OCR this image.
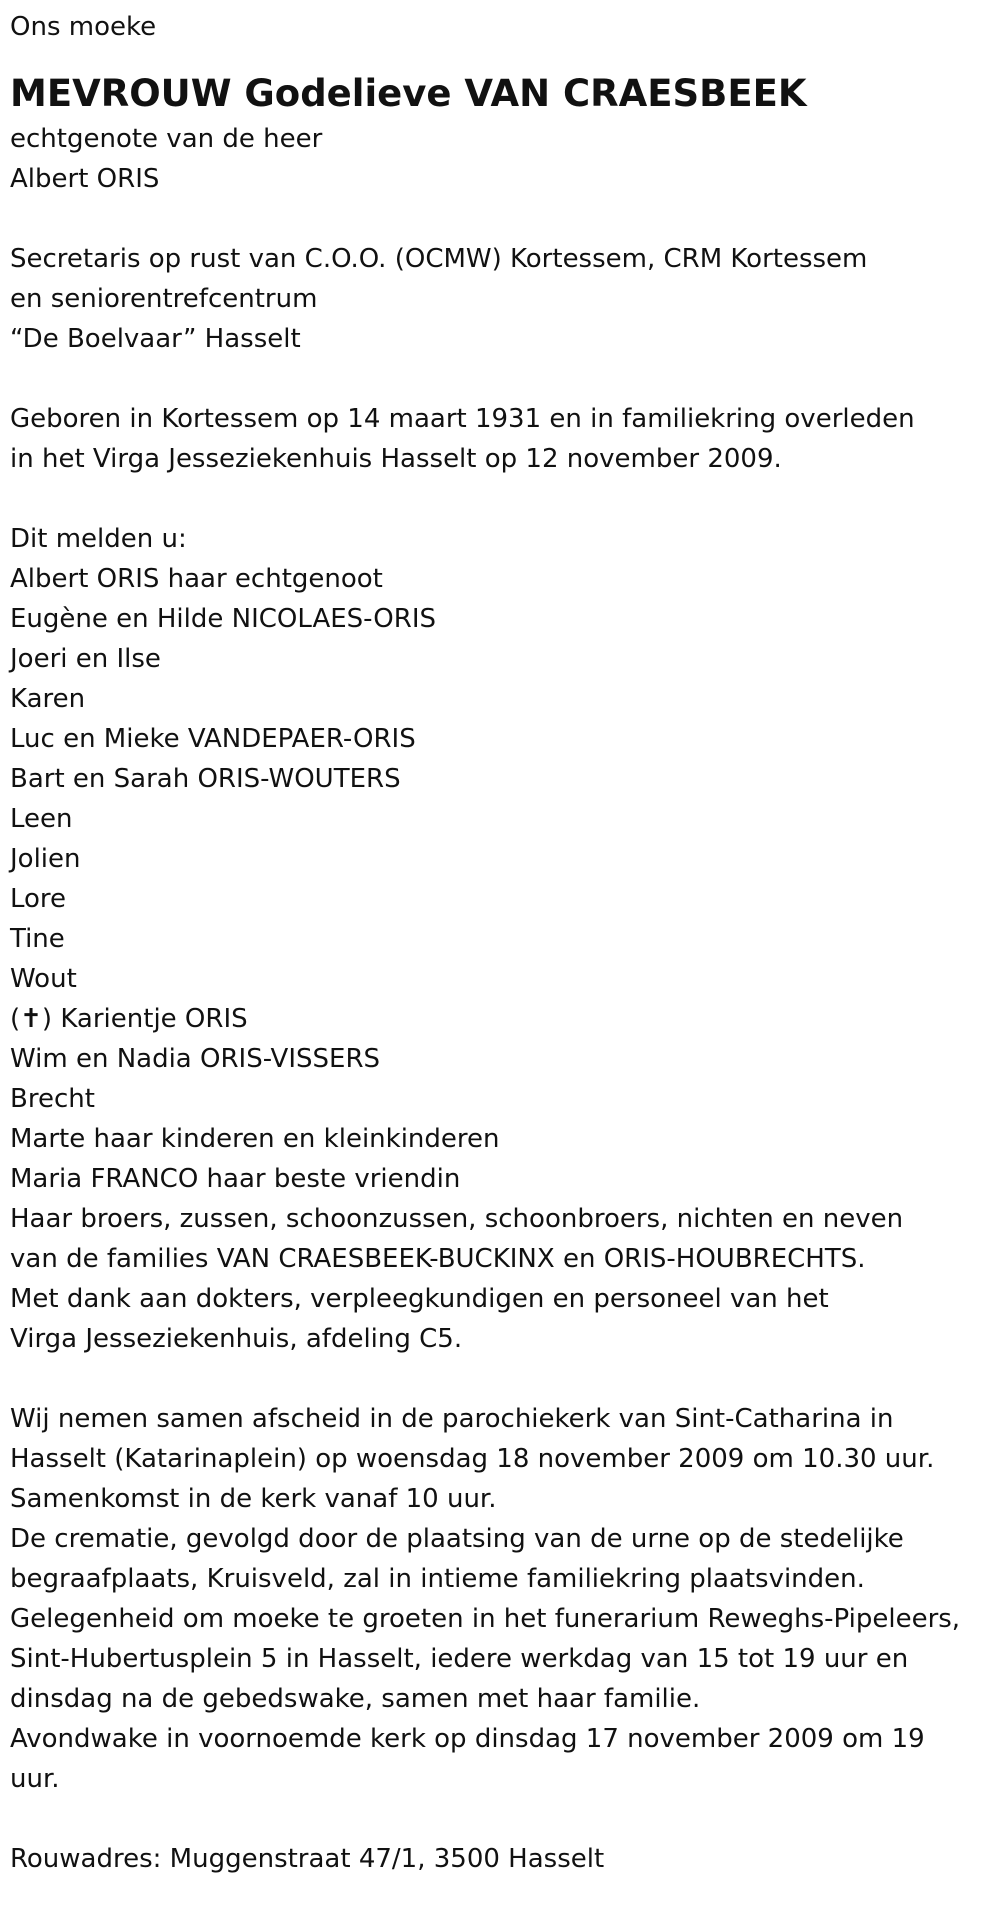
Ons moeke
MEVROUW Godelieve VAN CRAESBEEK
echtgenote van de heer
Albert ORIS
Secretaris op rust van C.O.O. (OCMW) Kortessem, CRM Kortessem
en seniorentrefcentrum
“De Boelvaar” Hasselt
Geboren in Kortessem op 14 maart 1931 en in familiekring overleden
in het Virga Jesseziekenhuis Hasselt op 12 november 2009.
Dit melden u:
Albert ORIS haar echtgenoot
Eugène en Hilde NICOLAES-ORIS
Joeri en Ilse
Karen
Luc en Mieke VANDEPAER-ORIS
Bart en Sarah ORIS-WOUTERS
Leen
Jolien
Lore
Tine
Wout
(✝) Karientje ORIS
Wim en Nadia ORIS-VISSERS
Brecht
Marte haar kinderen en kleinkinderen
Maria FRANCO haar beste vriendin
Haar broers, zussen, schoonzussen, schoonbroers, nichten en neven
van de families VAN CRAESBEEK-BUCKINX en ORIS-HOUBRECHTS.
Met dank aan dokters, verpleegkundigen en personeel van het
Virga Jesseziekenhuis, afdeling C5.
Wij nemen samen afscheid in de parochiekerk van Sint-Catharina in
Hasselt (Katarinaplein) op woensdag 18 november 2009 om 10.30 uur.
Samenkomst in de kerk vanaf 10 uur.
De crematie, gevolgd door de plaatsing van de urne op de stedelijke
begraafplaats, Kruisveld, zal in intieme familiekring plaatsvinden.
Gelegenheid om moeke te groeten in het funerarium Reweghs-Pipeleers,
Sint-Hubertusplein 5 in Hasselt, iedere werkdag van 15 tot 19 uur en
dinsdag na de gebedswake, samen met haar familie.
Avondwake in voornoemde kerk op dinsdag 17 november 2009 om 19
uur.
Rouwadres: Muggenstraat 47/1, 3500 Hasselt
